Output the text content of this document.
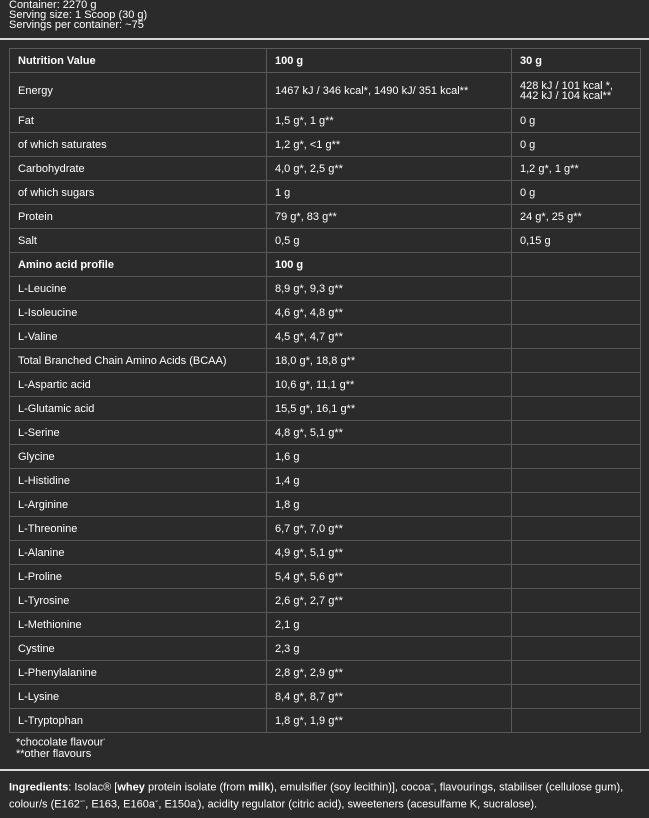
Container: 2270 g
Serving size: 1 Scoop (30 g)
Servings per container: ~75
Nutrition Value	100 g	30 g
Energy	1467 kJ / 346 kcal*, 1490 kJ/ 351 kcal**	428 kJ / 101 kcal *,
442 kJ / 104 kcal**

Fat	1,5 g*, 1 g**	0 g
of which saturates	1,2 g*, <1 g**	0 g
Carbohydrate	4,0 g*, 2,5 g**	1,2 g*, 1 g**
of which sugars	1 g	0 g
Protein	79 g*, 83 g**	24 g*, 25 g**
Salt	0,5 g	0,15 g
Amino acid profile	100 g	
L-Leucine	8,9 g*, 9,3 g**	
L-Isoleucine	4,6 g*, 4,8 g**	
L-Valine	4,5 g*, 4,7 g**	
Total Branched Chain Amino Acids (BCAA)	18,0 g*, 18,8 g**	
L-Aspartic acid	10,6 g*, 11,1 g**	
L-Glutamic acid	15,5 g*, 16,1 g**	
L-Serine	4,8 g*, 5,1 g**	
Glycine	1,6 g	
L-Histidine	1,4 g	
L-Arginine	1,8 g	
L-Threonine	6,7 g*, 7,0 g**	
L-Alanine	4,9 g*, 5,1 g**	
L-Proline	5,4 g*, 5,6 g**	
L-Tyrosine	2,6 g*, 2,7 g**	
L-Methionine	2,1 g	
Cystine	2,3 g	
L-Phenylalanine	2,8 g*, 2,9 g**	
L-Lysine	8,4 g*, 8,7 g**	
L-Tryptophan	1,8 g*, 1,9 g**	
*chocolate flavour$^{^1}$
**other flavours
Ingredients: Isolac® [whey protein isolate (from milk), emulsifier (soy lecithin)], cocoa$^{^1ʳʳ}$, flavourings, stabiliser (cellulose gum),
colour/s ($E162^{^nʳʳʳʳ}$, E163, $E160a^{^nʳʳ}$, $E150a^{^n}$), acidity regulator (citric acid), sweeteners (acesulfame K, sucralose).
